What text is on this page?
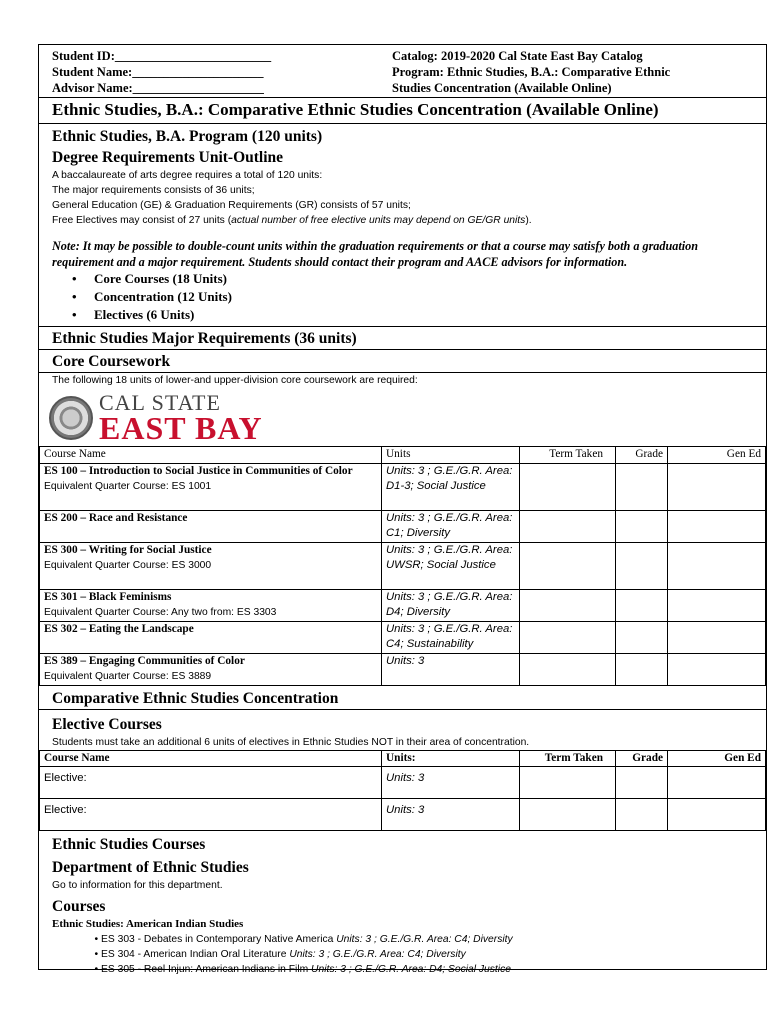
Student ID:_________________________
Student Name:_____________________
Advisor Name:_____________________
Catalog: 2019-2020 Cal State East Bay Catalog
Program: Ethnic Studies, B.A.: Comparative Ethnic
Studies Concentration (Available Online)
Ethnic Studies, B.A.: Comparative Ethnic Studies Concentration (Available Online)
Ethnic Studies, B.A. Program (120 units)
Degree Requirements Unit-Outline
A baccalaureate of arts degree requires a total of 120 units:
The major requirements consists of 36 units;
General Education (GE) & Graduation Requirements (GR) consists of 57 units;
Free Electives may consist of 27 units (actual number of free elective units may depend on GE/GR units).
Note: It may be possible to double-count units within the graduation requirements or that a course may satisfy both a graduation requirement and a major requirement. Students should contact their program and AACE advisors for information.
• Core Courses (18 Units)
• Concentration (12 Units)
• Electives (6 Units)
Ethnic Studies Major Requirements (36 units)
Core Coursework
The following 18 units of lower-and upper-division core coursework are required:
CAL STATE
EAST BAY
Course Name	Units	Term Taken	Grade	Gen Ed

ES 100 – Introduction to Social Justice in Communities of Color
Equivalent Quarter Course: ES 1001	Units: 3 ; G.E./G.R. Area: D1-3; Social Justice			

ES 200 – Race and Resistance	Units: 3 ; G.E./G.R. Area: C1; Diversity			

ES 300 – Writing for Social Justice
Equivalent Quarter Course: ES 3000	Units: 3 ; G.E./G.R. Area: UWSR; Social Justice			

ES 301 – Black Feminisms
Equivalent Quarter Course: Any two from: ES 3303	Units: 3 ; G.E./G.R. Area: D4; Diversity			

ES 302 – Eating the Landscape	Units: 3 ; G.E./G.R. Area: C4; Sustainability			

ES 389 – Engaging Communities of Color
Equivalent Quarter Course: ES 3889	Units: 3			
Comparative Ethnic Studies Concentration
Elective Courses
Students must take an additional 6 units of electives in Ethnic Studies NOT in their area of concentration.
Course Name	Units:	Term Taken	Grade	Gen Ed
Elective:	Units: 3			
Elective:	Units: 3			
Ethnic Studies Courses
Department of Ethnic Studies
Go to information for this department.
Courses
Ethnic Studies: American Indian Studies
• ES 303 - Debates in Contemporary Native America Units: 3 ; G.E./G.R. Area: C4; Diversity
• ES 304 - American Indian Oral Literature Units: 3 ; G.E./G.R. Area: C4; Diversity
• ES 305 - Reel Injun: American Indians in Film Units: 3 ; G.E./G.R. Area: D4; Social Justice
